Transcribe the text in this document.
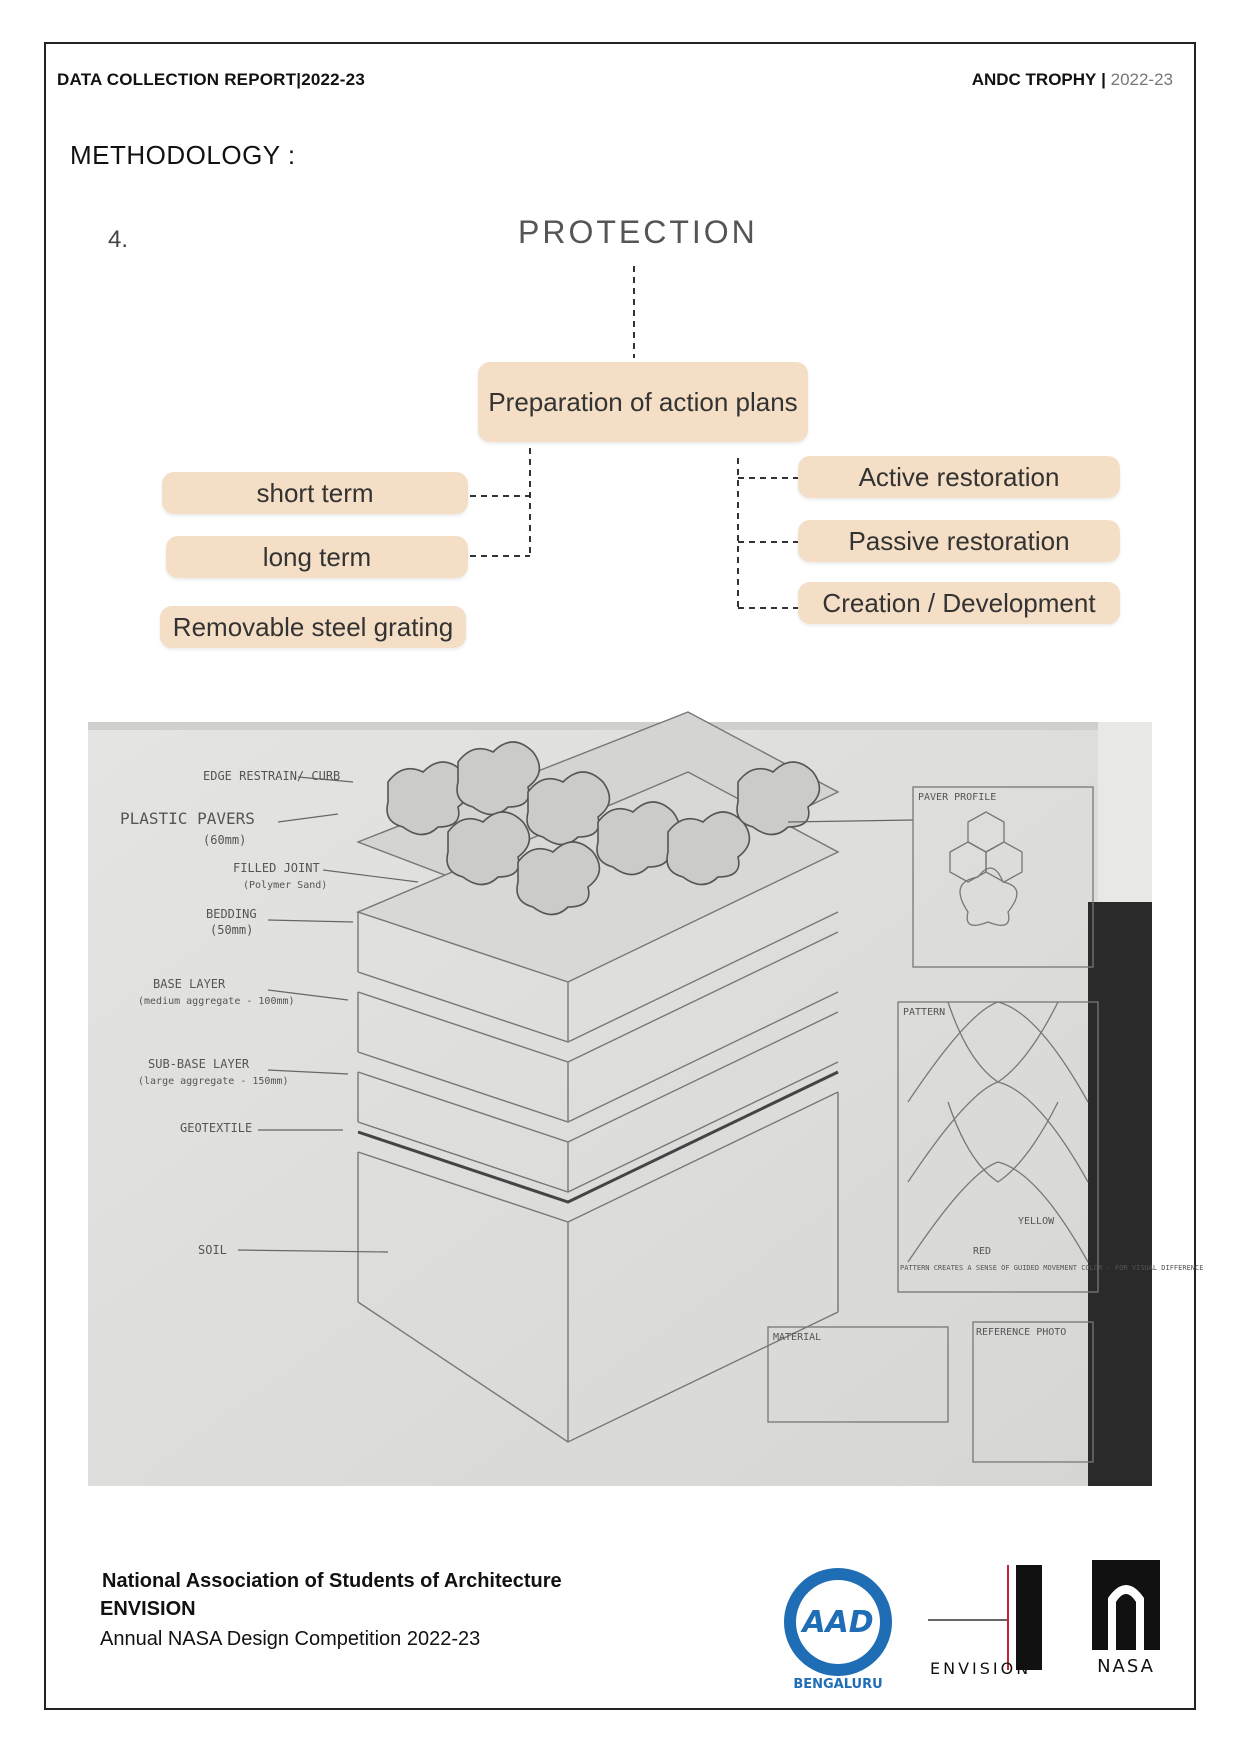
DATA COLLECTION REPORT|2022-23	ANDC TROPHY | 2022-23
METHODOLOGY :
4.	PROTECTION
Preparation of action plans
short term
long term
Removable steel grating
Active restoration
Passive restoration
Creation / Development
EDGE RESTRAIN/ CURB
PLASTIC PAVERS
(60mm)
FILLED JOINT
(Polymer Sand)
BEDDING
(50mm)
BASE LAYER
(medium aggregate - 100mm)
SUB-BASE LAYER
(large aggregate - 150mm)
GEOTEXTILE
SOIL
PAVER PROFILE
PATTERN
RED
YELLOW
PATTERN CREATES A SENSE OF GUIDED MOVEMENT COLOR - FOR VISUAL DIFFERENCE
MATERIAL	REFERENCE PHOTO
National Association of Students of Architecture
ENVISION
Annual NASA Design Competition 2022-23	AAD
BENGALURU
ENVISION	NASA
